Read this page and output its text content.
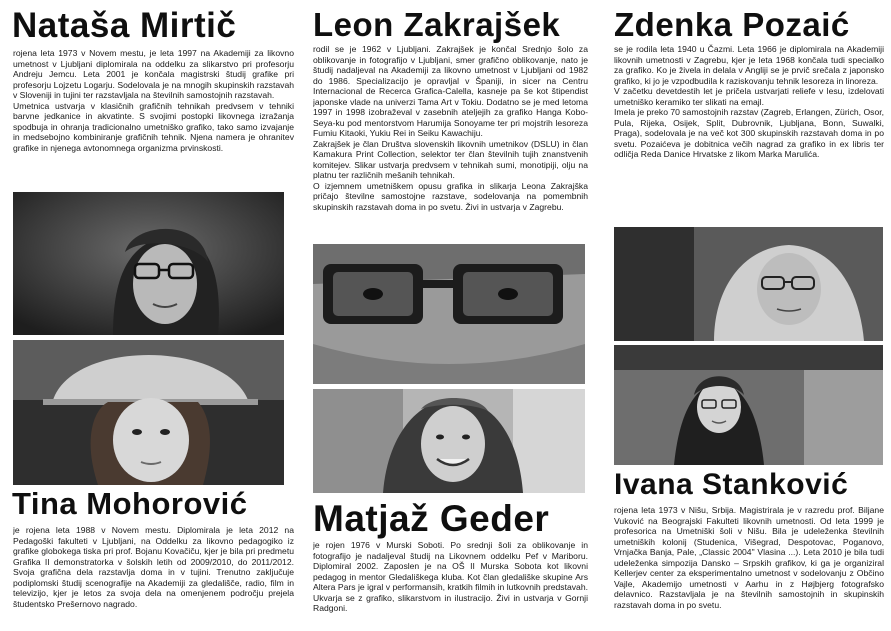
Nataša Mirtič

rojena leta 1973 v Novem mestu, je leta 1997 na Akademiji za likovno umetnost v Ljubljani diplomirala na oddelku za slikarstvo pri profesorju Andreju Jemcu. Leta 2001 je končala magistrski študij grafike pri profesorju Lojzetu Logarju. Sodelovala je na mnogih skupinskih razstavah v Sloveniji in tujini ter razstavljala na številnih samostojnih razstavah.

Umetnica ustvarja v klasičnih grafičnih tehnikah predvsem v tehniki barvne jedkanice in akvatinte. S svojimi postopki likovnega izražanja spodbuja in ohranja tradicionalno umetniško grafiko, tako samo izvajanje in medsebojno kombiniranje grafičnih tehnik. Njena namera je ohranitev grafike in njenega avtonomnega organizma prvinskosti.

Tina Mohorović

je rojena leta 1988 v Novem mestu. Diplomirala je leta 2012 na Pedagoški fakulteti v Ljubljani, na Oddelku za likovno pedagogiko iz grafike globokega tiska pri prof. Bojanu Kovačiču, kjer je bila pri predmetu Grafika II demonstratorka v šolskih letih od 2009/2010, do 2011/2012. Svoja grafična dela razstavlja doma in v tujini. Trenutno zaključuje podiplomski študij scenografije na Akademiji za gledališče, radio, film in televizijo, kjer je letos za svoja dela na omenjenem področju prejela študentsko Prešernovo nagrado.

Leon Zakrajšek

rodil se je 1962 v Ljubljani. Zakrajšek je končal Srednjo šolo za oblikovanje in fotografijo v Ljubljani, smer grafično oblikovanje, nato je študij nadaljeval na Akademiji za likovno umetnost v Ljubljani od 1982 do 1986. Specializacijo je opravljal v Španiji, in sicer na Centru Internacional de Recerca Grafica-Calella, kasneje pa še kot štipendist japonske vlade na univerzi Tama Art v Tokiu. Dodatno se je med letoma 1997 in 1998 izobraževal v zasebnih ateljejih za grafiko Hanga Kobo-Seya-ku pod mentorstvom Harumija Sonoyame ter pri mojstrih lesoreza Fumiu Kitaoki, Yukiu Rei in Seiku Kawachiju.

Zakrajšek je član Društva slovenskih likovnih umetnikov (DSLU) in član Kamakura Print Collection, selektor ter član številnih tujih znanstvenih komitejev. Slikar ustvarja predvsem v tehnikah sumi, monotipiji, olju na platnu ter različnih mešanih tehnikah.

O izjemnem umetniškem opusu grafika in slikarja Leona Zakrajška pričajo številne samostojne razstave, sodelovanja na pomembnih skupinskih razstavah doma in po svetu. Živi in ustvarja v Zagrebu.

Matjaž Geder

je rojen 1976 v Murski Soboti. Po srednji šoli za oblikovanje in fotografijo je nadaljeval študij na Likovnem oddelku Pef v Mariboru. Diplomiral 2002. Zaposlen je na OŠ II Murska Sobota kot likovni pedagog in mentor Gledališkega kluba. Kot član gledališke skupine Ars Altera Pars je igral v performansih, kratkih filmih in lutkovnih predstavah. Ukvarja se z grafiko, slikarstvom in ilustracijo. Živi in ustvarja v Gornji Radgoni.

Zdenka Pozaić

se je rodila leta 1940 u Čazmi. Leta 1966 je diplomirala na Akademiji likovnih umetnosti v Zagrebu, kjer je leta 1968 končala tudi specialko za grafiko. Ko je živela in delala v Angliji se je prvič srečala z japonsko grafiko, ki jo je vzpodbudila k raziskovanju tehnik lesoreza in linoreza.

V začetku devetdestih let je pričela ustvarjati reliefe v lesu, izdelovati umetniško keramiko ter slikati na emajl.

Imela je preko 70 samostojnih razstav (Zagreb, Erlangen, Zürich, Osor, Pula, Rijeka, Osijek, Split, Dubrovnik, Ljubljana, Bonn, Suwalki, Praga), sodelovala je na več kot 300 skupinskih razstavah doma in po svetu. Pozaićeva je dobitnica večih nagrad za grafiko in ex libris ter odličja Reda Danice Hrvatske z likom Marka Marulića.

Ivana Stanković

rojena leta 1973 v Nišu, Srbija. Magistrirala je v razredu prof. Biljane Vuković na Beograjski Fakulteti likovnih umetnosti. Od leta 1999 je profesorica na Umetniški šoli v Nišu. Bila je udeleženka številnih umetniških kolonij (Studenica, Višegrad, Despotovac, Poganovo, Vrnjačka Banja, Pale, „Classic 2004" Vlasina ...). Leta 2010 je bila tudi udeleženka simpozija Dansko – Srpskih grafikov, ki ga je organiziral Kellerjev center za eksperimentalno umetnost v sodelovanju z Občino Vajle, Akademijo umetnosti v Aarhu in z Højbjerg fotografsko delavnico. Razstavljala je na številnih samostojnih in skupinskih razstavah doma in po svetu.
